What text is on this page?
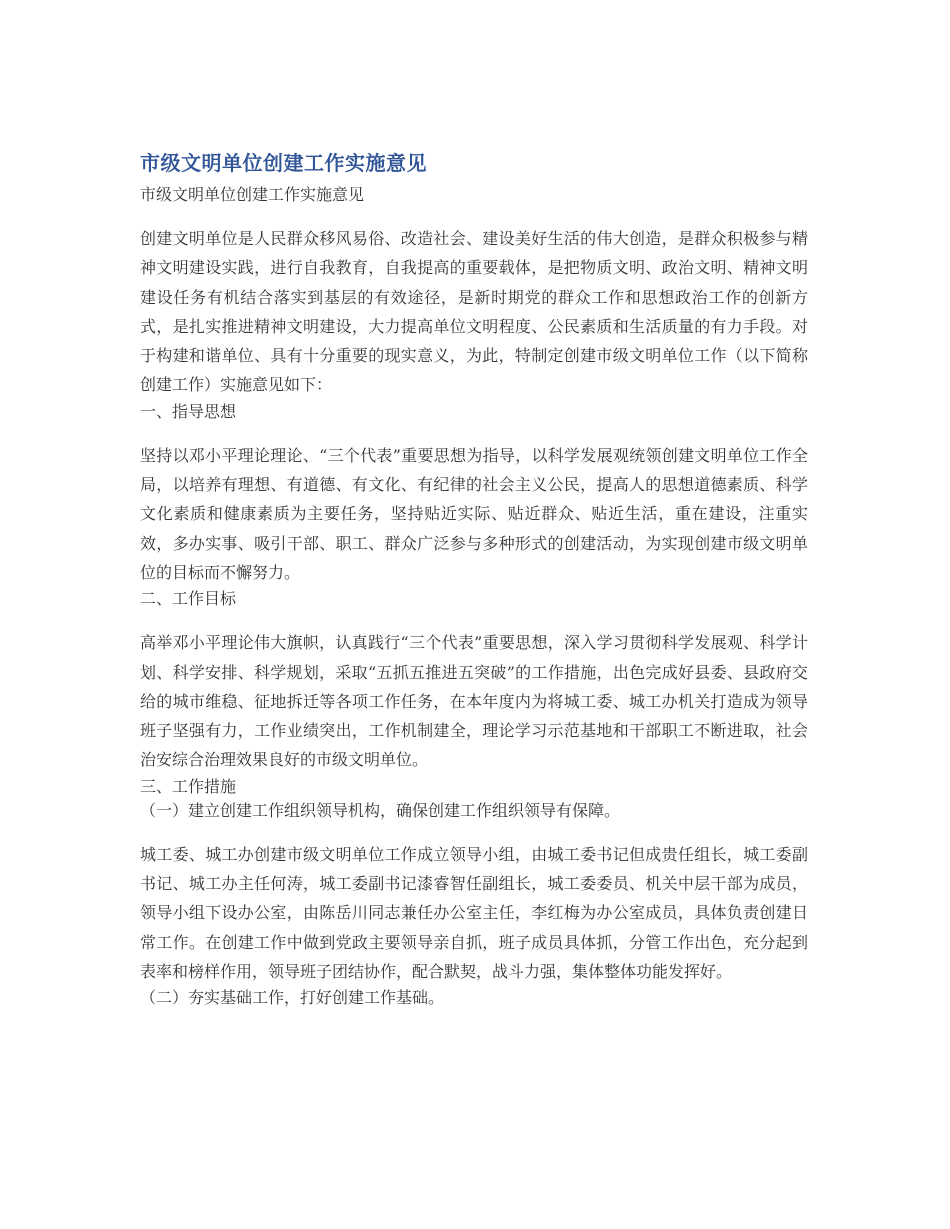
市级文明单位创建工作实施意见

市级文明单位创建工作实施意见

创建文明单位是人民群众移风易俗、改造社会、建设美好生活的伟大创造，是群众积极参与精神文明建设实践，进行自我教育，自我提高的重要载体，是把物质文明、政治文明、精神文明建设任务有机结合落实到基层的有效途径，是新时期党的群众工作和思想政治工作的创新方式，是扎实推进精神文明建设，大力提高单位文明程度、公民素质和生活质量的有力手段。对于构建和谐单位、具有十分重要的现实意义，为此，特制定创建市级文明单位工作（以下简称创建工作）实施意见如下：

一、指导思想

坚持以邓小平理论理论、“三个代表”重要思想为指导，以科学发展观统领创建文明单位工作全局，以培养有理想、有道德、有文化、有纪律的社会主义公民，提高人的思想道德素质、科学文化素质和健康素质为主要任务，坚持贴近实际、贴近群众、贴近生活，重在建设，注重实效，多办实事、吸引干部、职工、群众广泛参与多种形式的创建活动，为实现创建市级文明单位的目标而不懈努力。

二、工作目标

高举邓小平理论伟大旗帜，认真践行“三个代表”重要思想，深入学习贯彻科学发展观、科学计划、科学安排、科学规划，采取“五抓五推进五突破”的工作措施，出色完成好县委、县政府交给的城市维稳、征地拆迁等各项工作任务，在本年度内为将城工委、城工办机关打造成为领导班子坚强有力，工作业绩突出，工作机制建全，理论学习示范基地和干部职工不断进取，社会治安综合治理效果良好的市级文明单位。

三、工作措施

（一）建立创建工作组织领导机构，确保创建工作组织领导有保障。

城工委、城工办创建市级文明单位工作成立领导小组，由城工委书记但成贵任组长，城工委副书记、城工办主任何涛，城工委副书记漆睿智任副组长，城工委委员、机关中层干部为成员，领导小组下设办公室，由陈岳川同志兼任办公室主任，李红梅为办公室成员，具体负责创建日常工作。在创建工作中做到党政主要领导亲自抓，班子成员具体抓，分管工作出色，充分起到表率和榜样作用，领导班子团结协作，配合默契，战斗力强，集体整体功能发挥好。

（二）夯实基础工作，打好创建工作基础。
